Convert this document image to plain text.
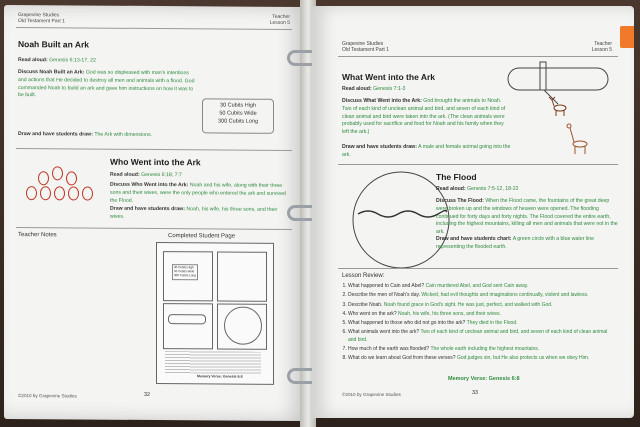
Grapevine Studies
Old Testament Part 1
Teacher
Lesson 5
Noah Built an Ark
Read aloud: Genesis 6:13-17, 22
Discuss Noah Built an Ark: God was so displeased with man's intentions and actions that He decided to destroy all men and animals with a flood. God commanded Noah to build an ark and gave him instructions on how it was to be built.
30 Cubits High
50 Cubits Wide
300 Cubits Long
Draw and have students draw: The Ark with dimensions.
Who Went into the Ark
Read aloud: Genesis 6:18; 7:7
Discuss Who Went into the Ark: Noah and his wife, along with their three sons and their wives, were the only people who entered the ark and survived the Flood.
Draw and have students draw: Noah, his wife, his three sons, and their wives.
Teacher Notes	Completed Student Page
30 Cubits High
50 Cubits Wide
300 Cubits Long
Memory Verse: Genesis 6:8
©2010 by Grapevine Studies	32
Grapevine Studies
Old Testament Part 1
Teacher
Lesson 5
What Went into the Ark
Read aloud: Genesis 7:1-3
Discuss What Went into the Ark: God brought the animals to Noah. Two of each kind of unclean animal and bird, and seven of each kind of clean animal and bird were taken into the ark. (The clean animals were probably used for sacrifice and food for Noah and his family when they left the ark.)
Draw and have students draw: A male and female animal going into the ark.
The Flood
Read aloud: Genesis 7:5-12, 18-22
Discuss The Flood: When the Flood came, the fountains of the great deep were broken up and the windows of heaven were opened. The flooding continued for forty days and forty nights. The Flood covered the entire earth, including the highest mountains, killing all men and animals that were not in the ark.
Draw and have students chart: A green circle with a blue water line representing the flooded earth.
Lesson Review:
1. What happened to Cain and Abel? Cain murdered Abel, and God sent Cain away.
2. Describe the men of Noah's day. Wicked, had evil thoughts and imaginations continually, violent and lawless.
3. Describe Noah. Noah found grace in God's sight. He was just, perfect, and walked with God.
4. Who went on the ark? Noah, his wife, his three sons, and their wives.
5. What happened to those who did not go into the ark? They died in the Flood.
6. What animals went into the ark? Two of each kind of unclean animal and bird, and seven of each kind of clean animal and bird.
7. How much of the earth was flooded? The whole earth including the highest mountains.
8. What do we learn about God from these verses? God judges sin, but He also protects us when we obey Him.
Memory Verse: Genesis 6:8
©2010 by Grapevine Studies	33
